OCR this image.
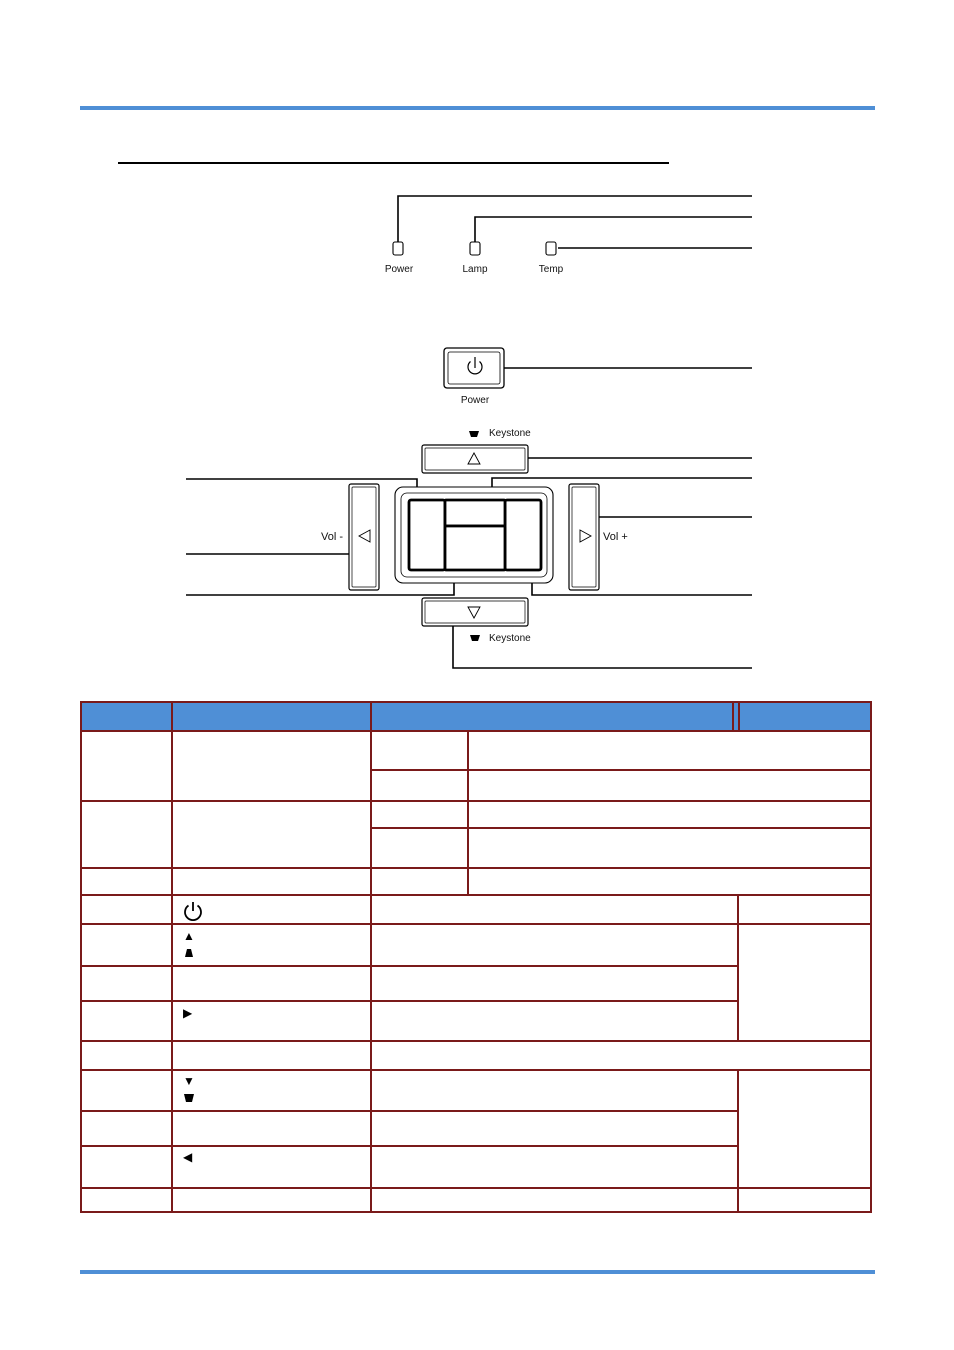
Power	Lamp	Temp
Power
Keystone
Keystone
Vol -	Vol +
▲
▶
▼
◀
